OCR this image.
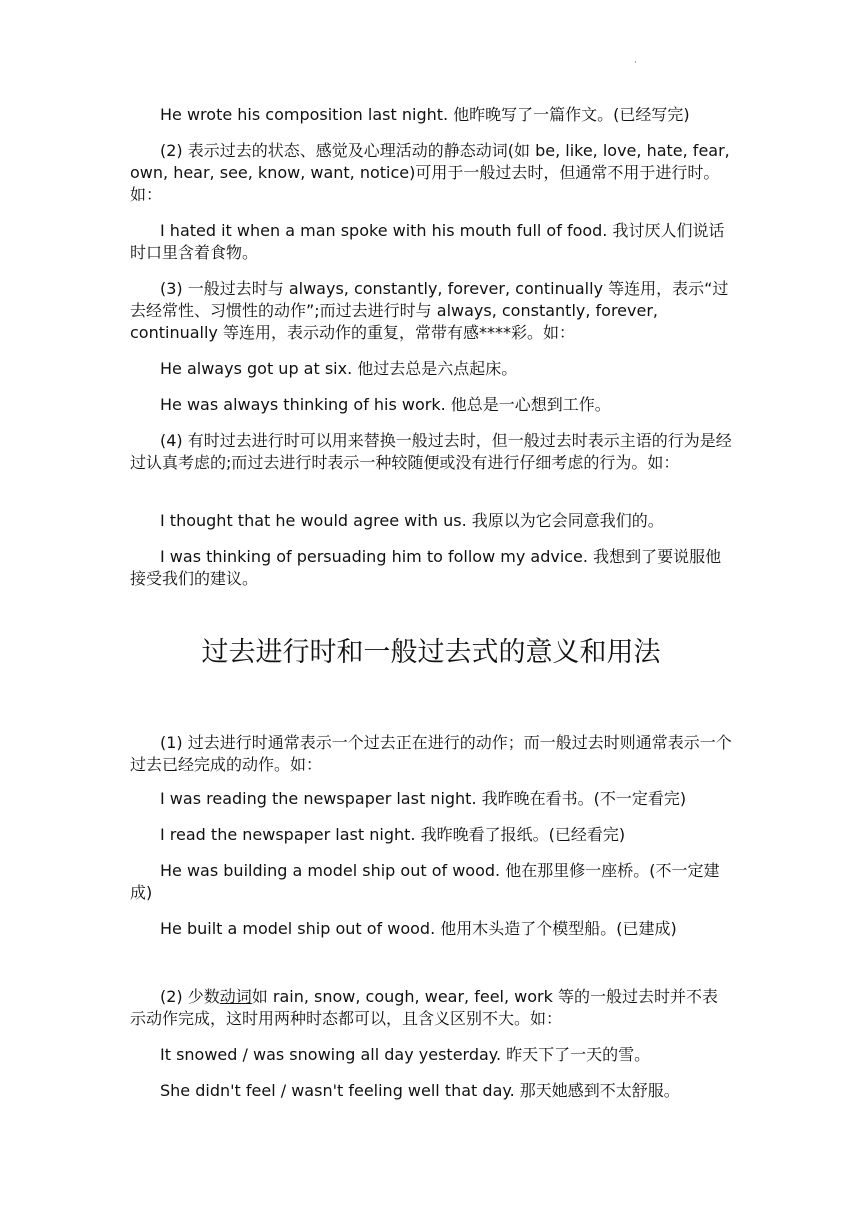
·
He wrote his composition last night. 他昨晚写了一篇作文。(已经写完)
(2) 表示过去的状态、感觉及心理活动的静态动词(如 be, like, love, hate, fear, own, hear, see, know, want, notice)可用于一般过去时，但通常不用于进行时。如：
I hated it when a man spoke with his mouth full of food. 我讨厌人们说话时口里含着食物。
(3) 一般过去时与 always, constantly, forever, continually 等连用，表示“过去经常性、习惯性的动作”;而过去进行时与 always, constantly, forever, continually 等连用，表示动作的重复，常带有感****彩。如：
He always got up at six. 他过去总是六点起床。
He was always thinking of his work. 他总是一心想到工作。
(4) 有时过去进行时可以用来替换一般过去时，但一般过去时表示主语的行为是经过认真考虑的;而过去进行时表示一种较随便或没有进行仔细考虑的行为。如：
I thought that he would agree with us. 我原以为它会同意我们的。
I was thinking of persuading him to follow my advice. 我想到了要说服他接受我们的建议。
过去进行时和一般过去式的意义和用法
(1) 过去进行时通常表示一个过去正在进行的动作；而一般过去时则通常表示一个过去已经完成的动作。如：
I was reading the newspaper last night. 我昨晚在看书。(不一定看完)
I read the newspaper last night. 我昨晚看了报纸。(已经看完)
He was building a model ship out of wood. 他在那里修一座桥。(不一定建成)
He built a model ship out of wood. 他用木头造了个模型船。(已建成)
(2) 少数动词如 rain, snow, cough, wear, feel, work 等的一般过去时并不表示动作完成，这时用两种时态都可以，且含义区别不大。如：
It snowed / was snowing all day yesterday. 昨天下了一天的雪。
She didn't feel / wasn't feeling well that day. 那天她感到不太舒服。
